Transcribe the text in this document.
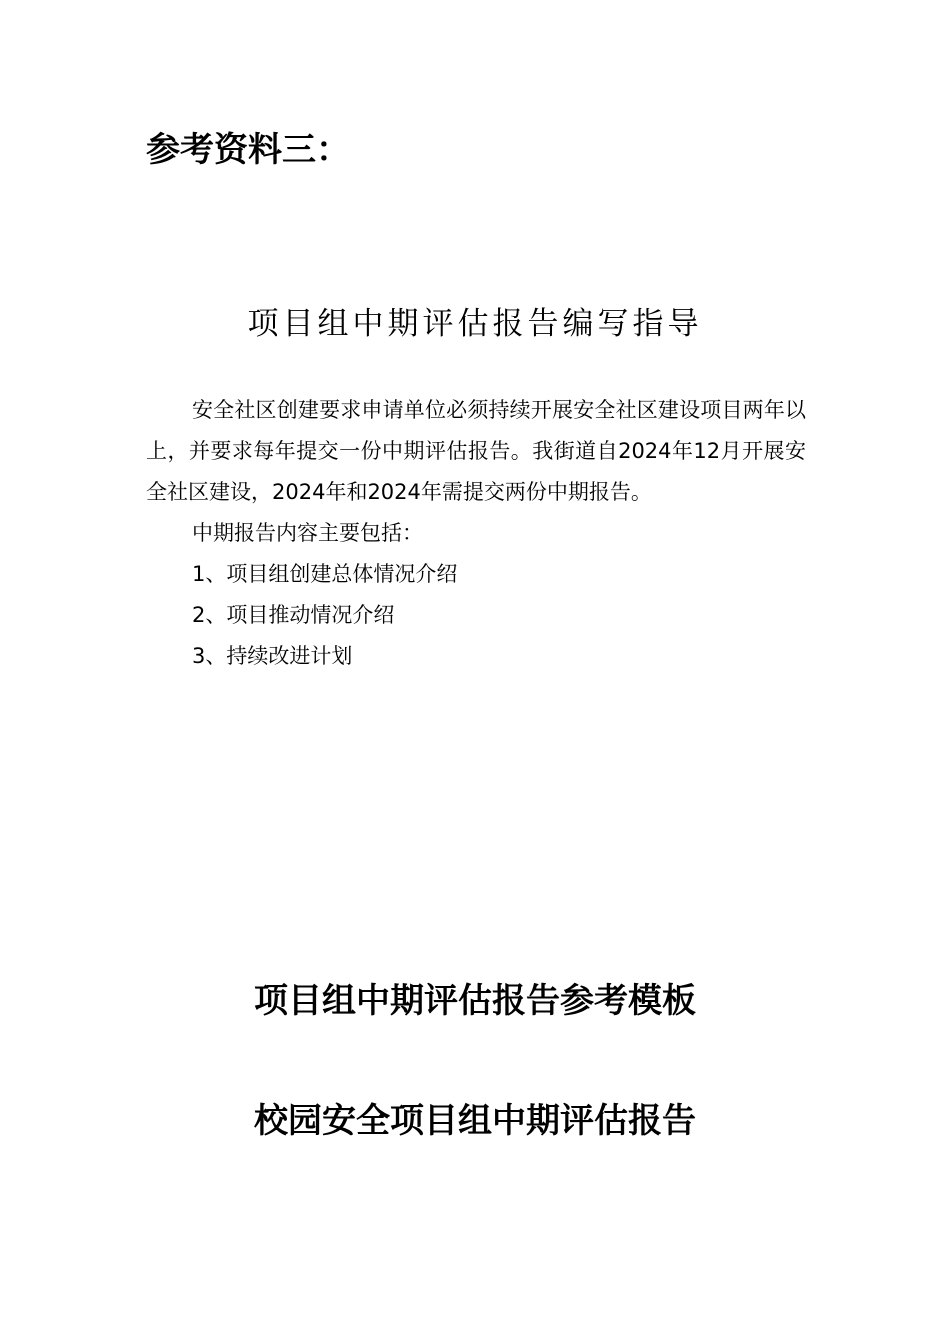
参考资料三：
项目组中期评估报告编写指导

安全社区创建要求申请单位必须持续开展安全社区建设项目两年以上，并要求每年提交一份中期评估报告。我街道自2024年12月开展安全社区建设，2024年和2024年需提交两份中期报告。

中期报告内容主要包括：

1、项目组创建总体情况介绍

2、项目推动情况介绍

3、持续改进计划

项目组中期评估报告参考模板
校园安全项目组中期评估报告
